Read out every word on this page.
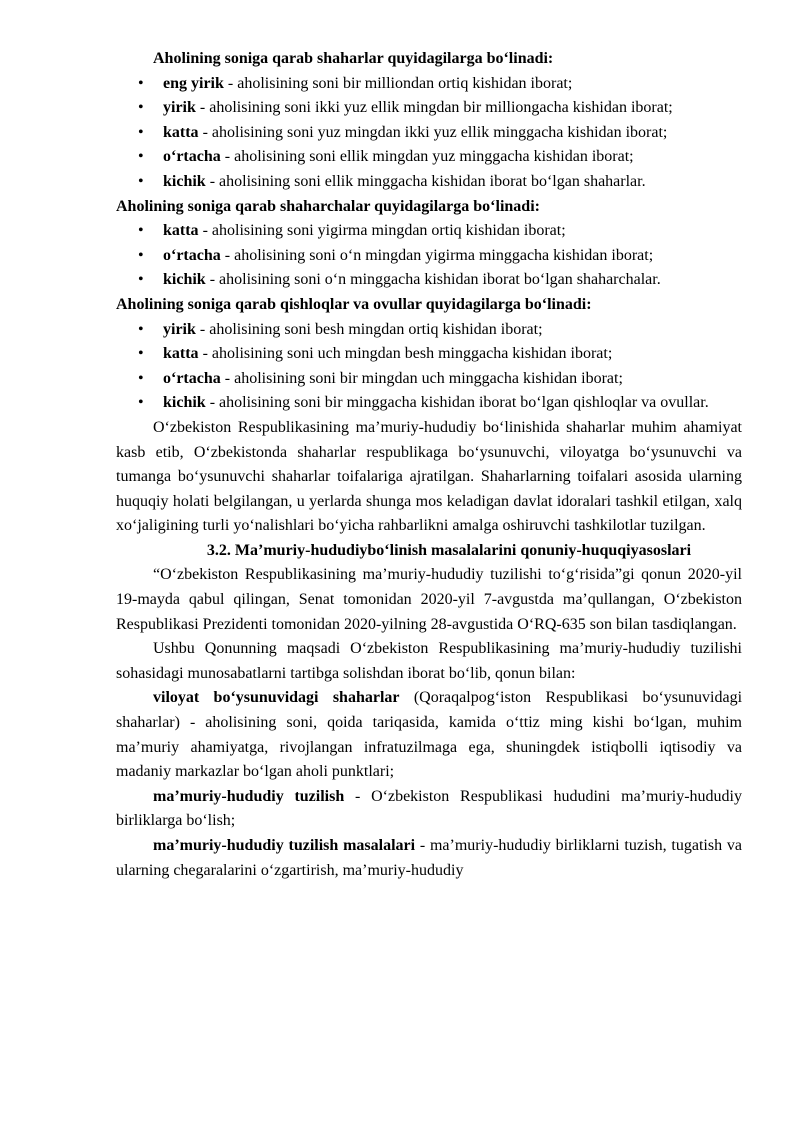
Aholining soniga qarab shaharlar quyidagilarga bo‘linadi:

• eng yirik - aholisining soni bir milliondan ortiq kishidan iborat;
• yirik - aholisining soni ikki yuz ellik mingdan bir milliongacha kishidan iborat;
• katta - aholisining soni yuz mingdan ikki yuz ellik minggacha kishidan iborat;
• o‘rtacha - aholisining soni ellik mingdan yuz minggacha kishidan iborat;
• kichik - aholisining soni ellik minggacha kishidan iborat bo‘lgan shaharlar.

Aholining soniga qarab shaharchalar quyidagilarga bo‘linadi:

• katta - aholisining soni yigirma mingdan ortiq kishidan iborat;
• o‘rtacha - aholisining soni o‘n mingdan yigirma minggacha kishidan iborat;
• kichik - aholisining soni o‘n minggacha kishidan iborat bo‘lgan shaharchalar.

Aholining soniga qarab qishloqlar va ovullar quyidagilarga bo‘linadi:

• yirik - aholisining soni besh mingdan ortiq kishidan iborat;
• katta - aholisining soni uch mingdan besh minggacha kishidan iborat;
• o‘rtacha - aholisining soni bir mingdan uch minggacha kishidan iborat;
• kichik - aholisining soni bir minggacha kishidan iborat bo‘lgan qishloqlar va ovullar.

O‘zbekiston Respublikasining ma’muriy-hududiy bo‘linishida shaharlar muhim ahamiyat kasb etib, O‘zbekistonda shaharlar respublikaga bo‘ysunuvchi, viloyatga bo‘ysunuvchi va tumanga bo‘ysunuvchi shaharlar toifalariga ajratilgan. Shaharlarning toifalari asosida ularning huquqiy holati belgilangan, u yerlarda shunga mos keladigan davlat idoralari tashkil etilgan, xalq xo‘jaligining turli yo‘nalishlari bo‘yicha rahbarlikni amalga oshiruvchi tashkilotlar tuzilgan.

3.2. Ma’muriy-hududiybo‘linish masalalarini qonuniy-huquqiyasoslari

“O‘zbekiston Respublikasining ma’muriy-hududiy tuzilishi to‘g‘risida”gi qonun 2020-yil 19-mayda qabul qilingan, Senat tomonidan 2020-yil 7-avgustda ma’qullangan, O‘zbekiston Respublikasi Prezidenti tomonidan 2020-yilning 28-avgustida O‘RQ-635 son bilan tasdiqlangan.

Ushbu Qonunning maqsadi O‘zbekiston Respublikasining ma’muriy-hududiy tuzilishi sohasidagi munosabatlarni tartibga solishdan iborat bo‘lib, qonun bilan:

viloyat bo‘ysunuvidagi shaharlar (Qoraqalpog‘iston Respublikasi bo‘ysunuvidagi shaharlar) - aholisining soni, qoida tariqasida, kamida o‘ttiz ming kishi bo‘lgan, muhim ma’muriy ahamiyatga, rivojlangan infratuzilmaga ega, shuningdek istiqbolli iqtisodiy va madaniy markazlar bo‘lgan aholi punktlari;

ma’muriy-hududiy tuzilish - O‘zbekiston Respublikasi hududini ma’muriy-hududiy birliklarga bo‘lish;

ma’muriy-hududiy tuzilish masalalari - ma’muriy-hududiy birliklarni tuzish, tugatish va ularning chegaralarini o‘zgartirish, ma’muriy-hududiy
